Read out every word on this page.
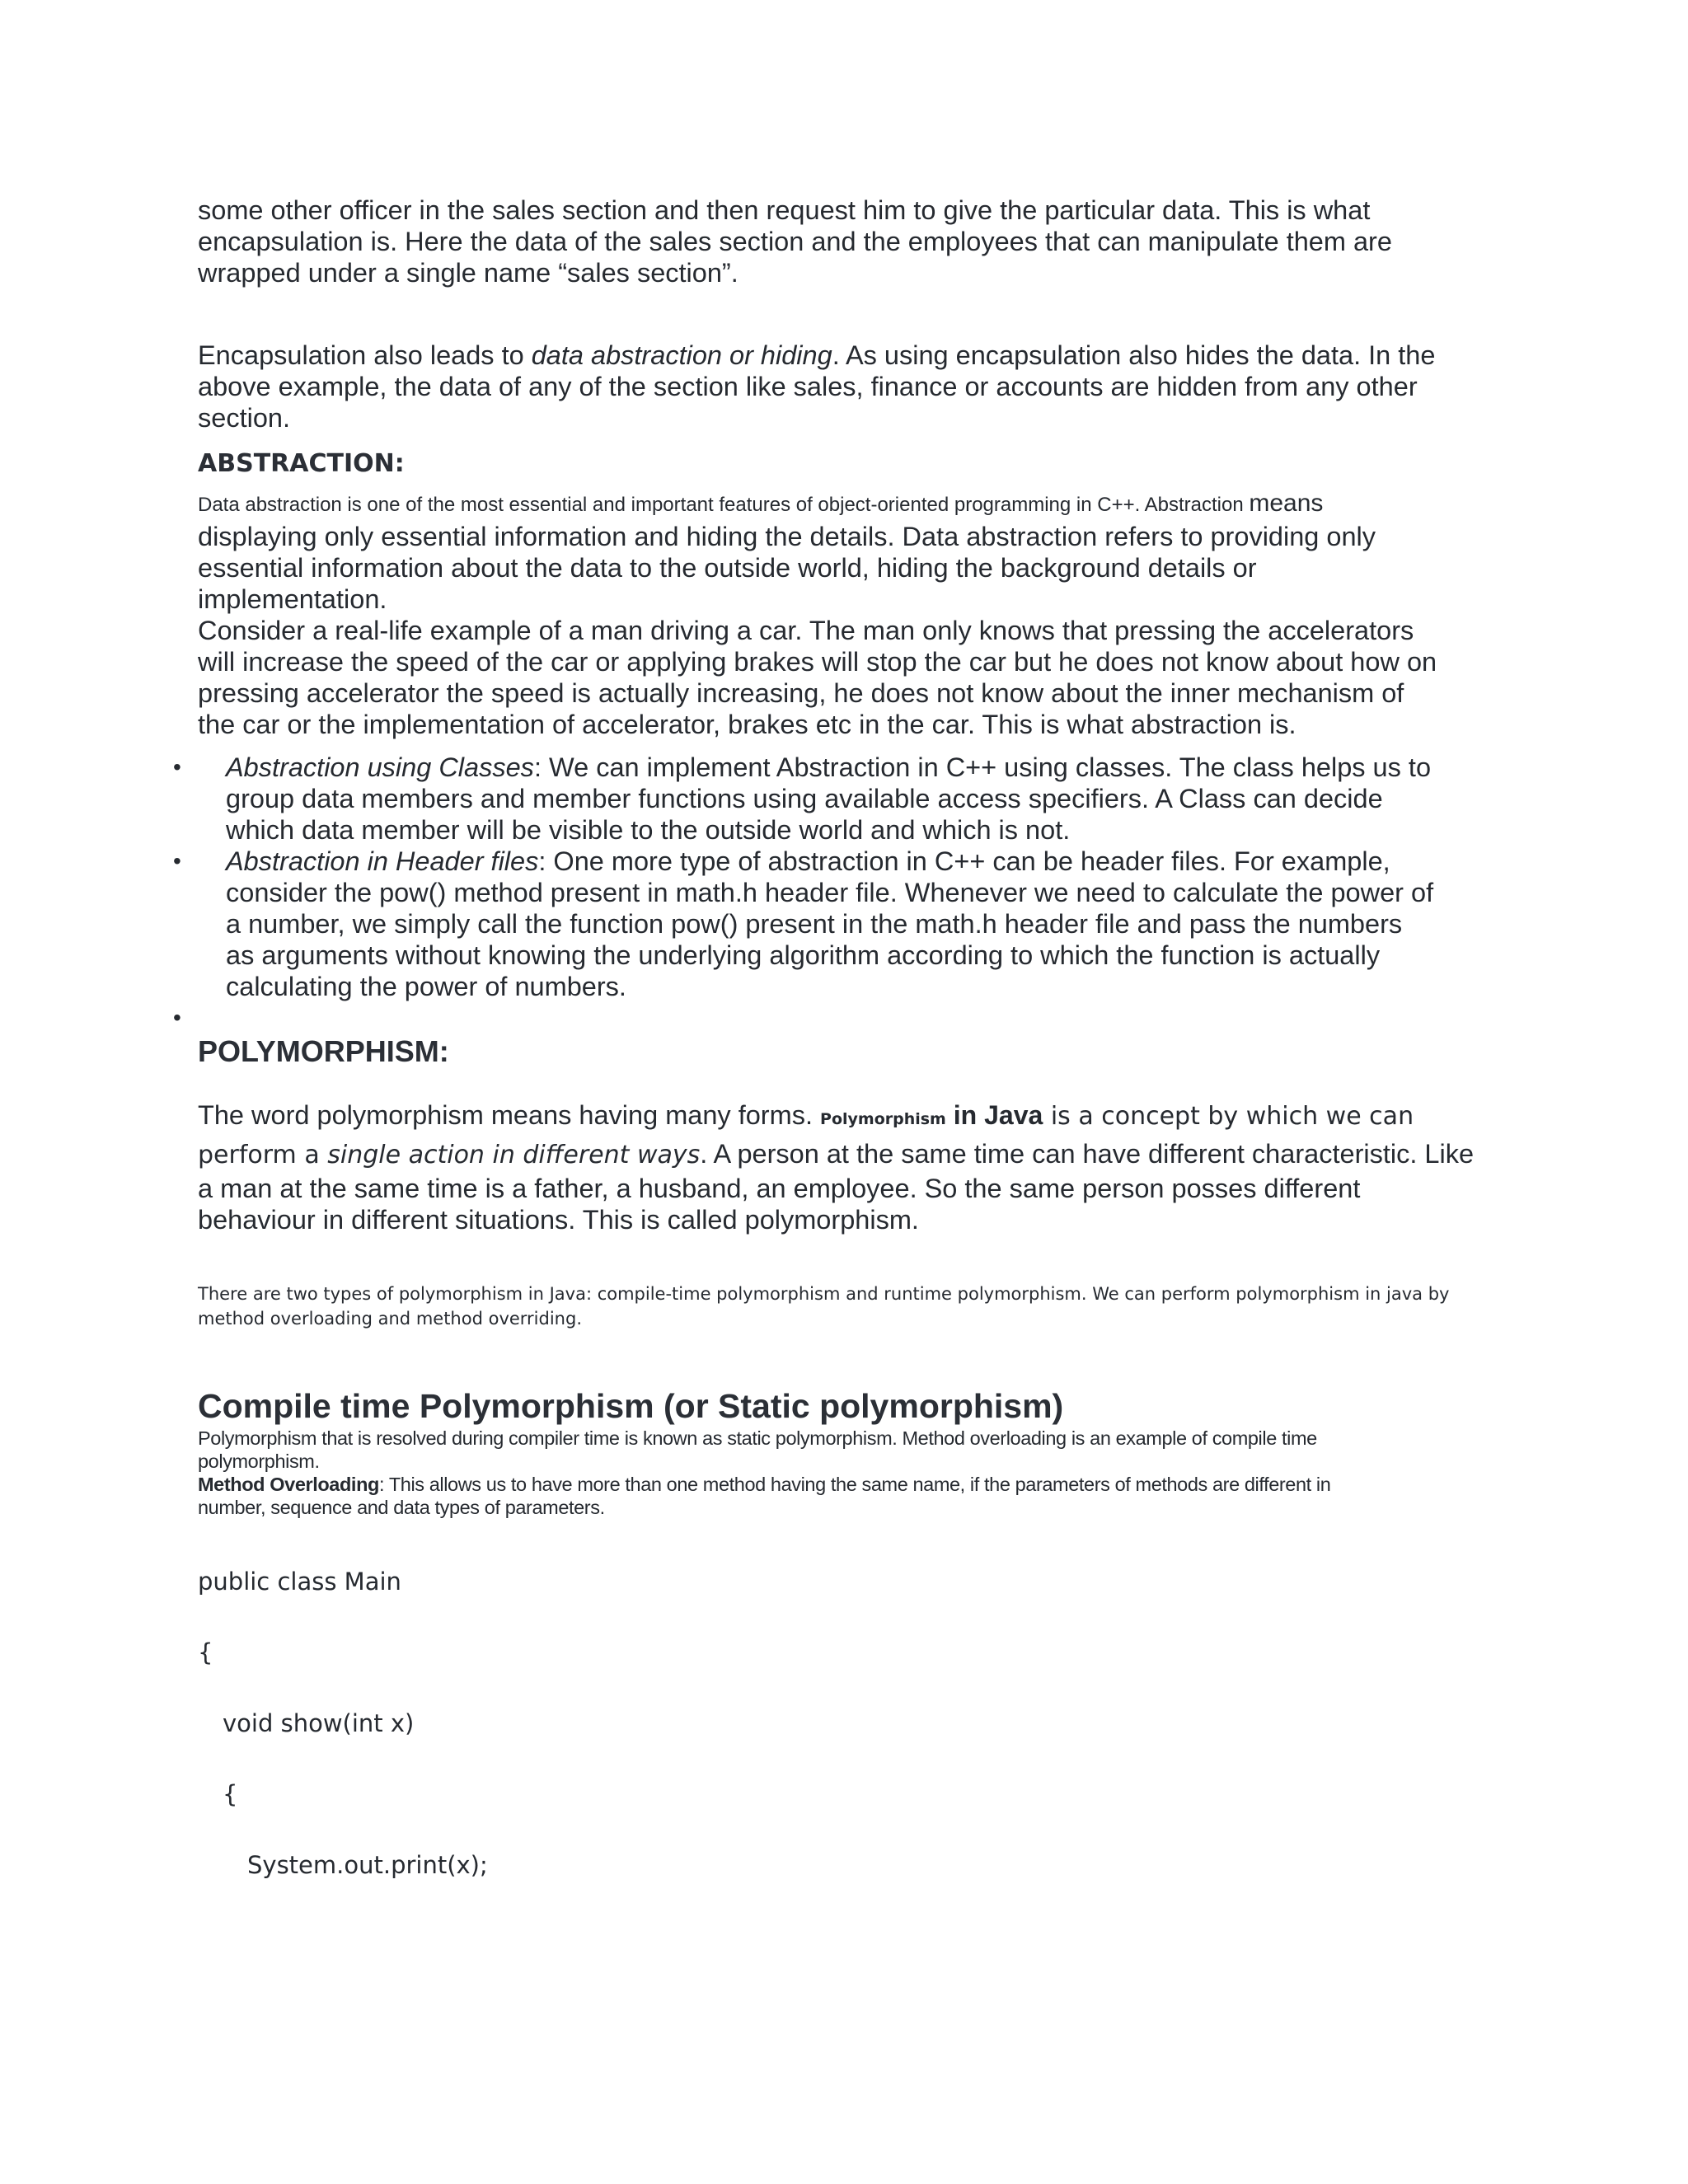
some other officer in the sales section and then request him to give the particular data. This is what

encapsulation is. Here the data of the sales section and the employees that can manipulate them are

wrapped under a single name “sales section”.

Encapsulation also leads to data abstraction or hiding. As using encapsulation also hides the data. In the

above example, the data of any of the section like sales, finance or accounts are hidden from any other

section.

ABSTRACTION:

Data abstraction is one of the most essential and important features of object-oriented programming in C++. Abstraction means

displaying only essential information and hiding the details. Data abstraction refers to providing only

essential information about the data to the outside world, hiding the background details or

implementation.

Consider a real-life example of a man driving a car. The man only knows that pressing the accelerators

will increase the speed of the car or applying brakes will stop the car but he does not know about how on

pressing accelerator the speed is actually increasing, he does not know about the inner mechanism of

the car or the implementation of accelerator, brakes etc in the car. This is what abstraction is.

• Abstraction using Classes: We can implement Abstraction in C++ using classes. The class helps us to

group data members and member functions using available access specifiers. A Class can decide

which data member will be visible to the outside world and which is not.

• Abstraction in Header files: One more type of abstraction in C++ can be header files. For example,

consider the pow() method present in math.h header file. Whenever we need to calculate the power of

a number, we simply call the function pow() present in the math.h header file and pass the numbers

as arguments without knowing the underlying algorithm according to which the function is actually

calculating the power of numbers.

•
POLYMORPHISM:

The word polymorphism means having many forms. Polymorphism in Java is a concept by which we can

perform a single action in different ways. A person at the same time can have different characteristic. Like

a man at the same time is a father, a husband, an employee. So the same person posses different

behaviour in different situations. This is called polymorphism.

There are two types of polymorphism in Java: compile-time polymorphism and runtime polymorphism. We can perform polymorphism in java by

method overloading and method overriding.

Compile time Polymorphism (or Static polymorphism)

Polymorphism that is resolved during compiler time is known as static polymorphism. Method overloading is an example of compile time

polymorphism.

Method Overloading: This allows us to have more than one method having the same name, if the parameters of methods are different in

number, sequence and data types of parameters.

public class Main
{
void show(int x)
{
System.out.print(x);
